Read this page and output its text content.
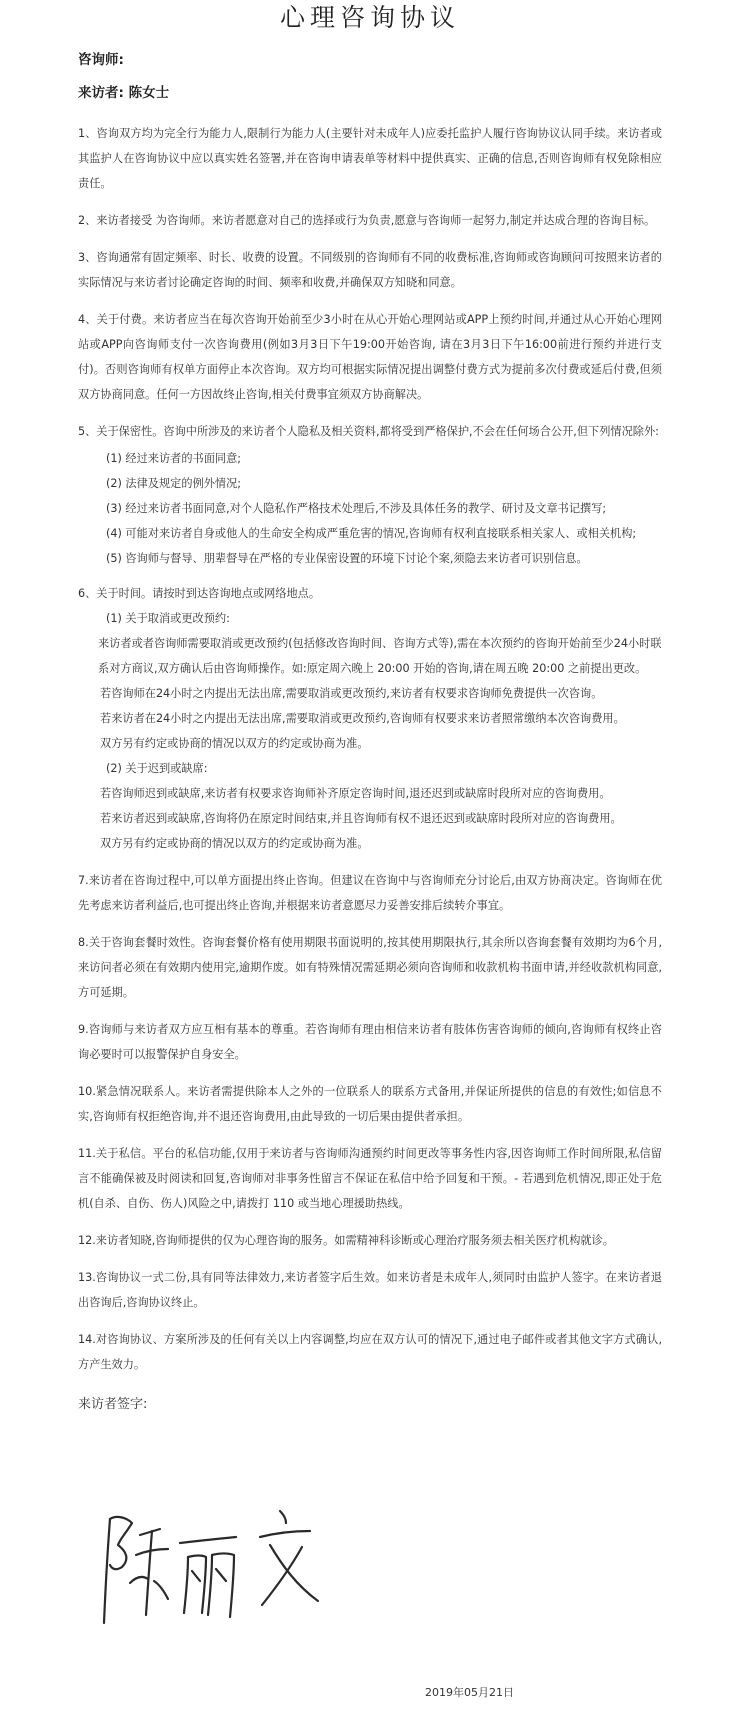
心理咨询协议
咨询师:
来访者: 陈女士

1、咨询双方均为完全行为能力人,限制行为能力人(主要针对未成年人)应委托监护人履行咨询协议认同手续。来访者或其监护人在咨询协议中应以真实姓名签署,并在咨询申请表单等材料中提供真实、正确的信息,否则咨询师有权免除相应责任。

2、来访者接受 为咨询师。来访者愿意对自己的选择或行为负责,愿意与咨询师一起努力,制定并达成合理的咨询目标。

3、咨询通常有固定频率、时长、收费的设置。不同级别的咨询师有不同的收费标准,咨询师或咨询顾问可按照来访者的实际情况与来访者讨论确定咨询的时间、频率和收费,并确保双方知晓和同意。

4、关于付费。来访者应当在每次咨询开始前至少3小时在从心开始心理网站或APP上预约时间,并通过从心开始心理网站或APP向咨询师支付一次咨询费用(例如3月3日下午19:00开始咨询, 请在3月3日下午16:00前进行预约并进行支付)。否则咨询师有权单方面停止本次咨询。双方均可根据实际情况提出调整付费方式为提前多次付费或延后付费,但须双方协商同意。任何一方因故终止咨询,相关付费事宜须双方协商解决。

5、关于保密性。咨询中所涉及的来访者个人隐私及相关资料,都将受到严格保护,不会在任何场合公开,但下列情况除外:

(1) 经过来访者的书面同意;

(2) 法律及规定的例外情况;

(3) 经过来访者书面同意,对个人隐私作严格技术处理后,不涉及具体任务的教学、研讨及文章书记撰写;

(4) 可能对来访者自身或他人的生命安全构成严重危害的情况,咨询师有权利直接联系相关家人、或相关机构;

(5) 咨询师与督导、朋辈督导在严格的专业保密设置的环境下讨论个案,须隐去来访者可识别信息。

6、关于时间。请按时到达咨询地点或网络地点。

(1) 关于取消或更改预约:

来访者或者咨询师需要取消或更改预约(包括修改咨询时间、咨询方式等),需在本次预约的咨询开始前至少24小时联系对方商议,双方确认后由咨询师操作。如:原定周六晚上 20:00 开始的咨询,请在周五晚 20:00 之前提出更改。

若咨询师在24小时之内提出无法出席,需要取消或更改预约,来访者有权要求咨询师免费提供一次咨询。

若来访者在24小时之内提出无法出席,需要取消或更改预约,咨询师有权要求来访者照常缴纳本次咨询费用。

双方另有约定或协商的情况以双方的约定或协商为准。

(2) 关于迟到或缺席:

若咨询师迟到或缺席,来访者有权要求咨询师补齐原定咨询时间,退还迟到或缺席时段所对应的咨询费用。

若来访者迟到或缺席,咨询将仍在原定时间结束,并且咨询师有权不退还迟到或缺席时段所对应的咨询费用。

双方另有约定或协商的情况以双方的约定或协商为准。

7.来访者在咨询过程中,可以单方面提出终止咨询。但建议在咨询中与咨询师充分讨论后,由双方协商决定。咨询师在优先考虑来访者利益后,也可提出终止咨询,并根据来访者意愿尽力妥善安排后续转介事宜。

8.关于咨询套餐时效性。咨询套餐价格有使用期限书面说明的,按其使用期限执行,其余所以咨询套餐有效期均为6个月,来访问者必须在有效期内使用完,逾期作废。如有特殊情况需延期必须向咨询师和收款机构书面申请,并经收款机构同意,方可延期。

9.咨询师与来访者双方应互相有基本的尊重。若咨询师有理由相信来访者有肢体伤害咨询师的倾向,咨询师有权终止咨询必要时可以报警保护自身安全。

10.紧急情况联系人。来访者需提供除本人之外的一位联系人的联系方式备用,并保证所提供的信息的有效性;如信息不实,咨询师有权拒绝咨询,并不退还咨询费用,由此导致的一切后果由提供者承担。

11.关于私信。平台的私信功能,仅用于来访者与咨询师沟通预约时间更改等事务性内容,因咨询师工作时间所限,私信留言不能确保被及时阅读和回复,咨询师对非事务性留言不保证在私信中给予回复和干预。- 若遇到危机情况,即正处于危机(自杀、自伤、伤人)风险之中,请拨打 110 或当地心理援助热线。

12.来访者知晓,咨询师提供的仅为心理咨询的服务。如需精神科诊断或心理治疗服务须去相关医疗机构就诊。

13.咨询协议一式二份,具有同等法律效力,来访者签字后生效。如来访者是未成年人,须同时由监护人签字。在来访者退出咨询后,咨询协议终止。

14.对咨询协议、方案所涉及的任何有关以上内容调整,均应在双方认可的情况下,通过电子邮件或者其他文字方式确认,方产生效力。

来访者签字:
2019年05月21日
